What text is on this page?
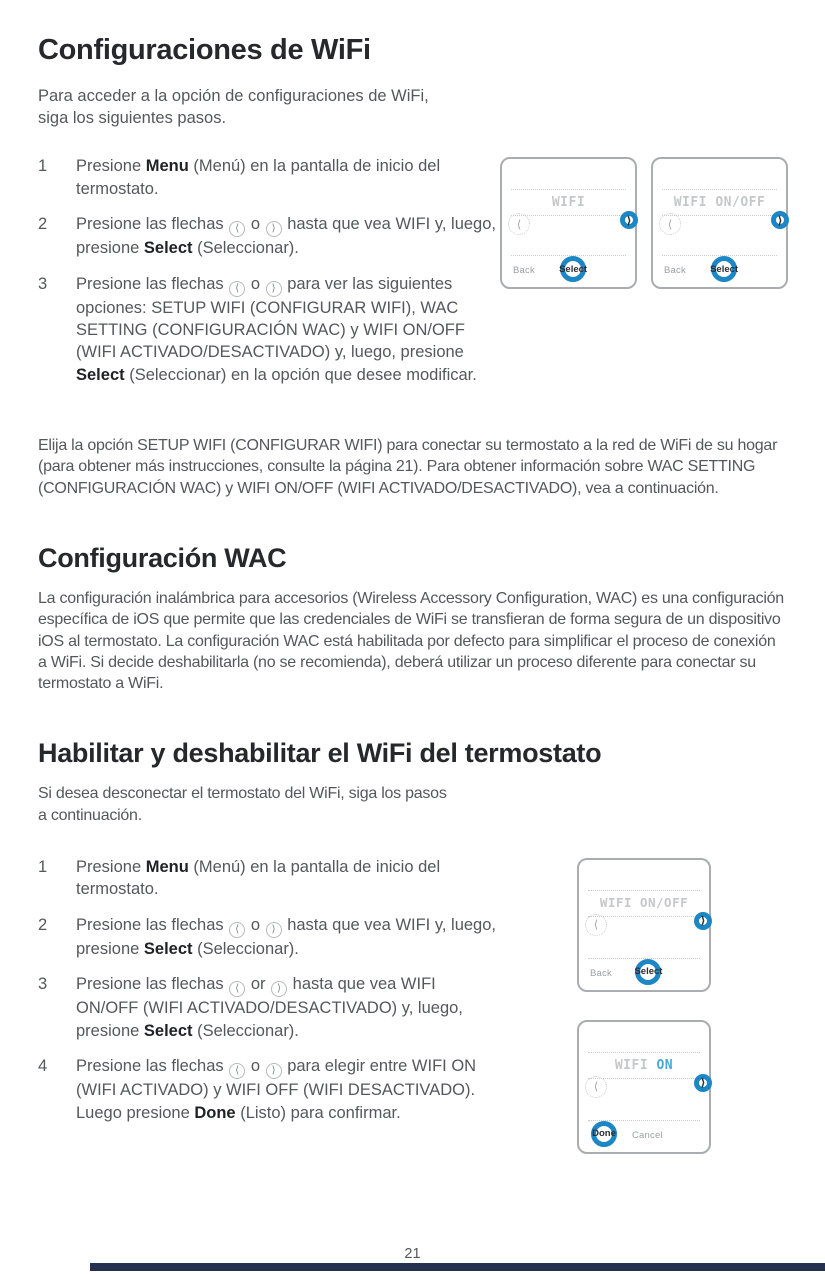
Configuraciones de WiFi

Para acceder a la opción de configuraciones de WiFi, siga los siguientes pasos.

1	Presione Menu (Menú) en la pantalla de inicio del termostato.
2	Presione las flechas ⟨ o ⟩ hasta que vea WIFI y, luego, presione Select (Seleccionar).
3	Presione las flechas ⟨ o ⟩ para ver las siguientes opciones: SETUP WIFI (CONFIGURAR WIFI), WAC SETTING (CONFIGURACIÓN WAC) y WIFI ON/OFF (WIFI ACTIVADO/DESACTIVADO) y, luego, presione Select (Seleccionar) en la opción que desee modificar.
WIFI
⟨	⟩
Back	Select
WIFI ON/OFF
⟨	⟩
Back	Select

Elija la opción SETUP WIFI (CONFIGURAR WIFI) para conectar su termostato a la red de WiFi de su hogar (para obtener más instrucciones, consulte la página 21). Para obtener información sobre WAC SETTING (CONFIGURACIÓN WAC) y WIFI ON/OFF (WIFI ACTIVADO/DESACTIVADO), vea a continuación.

Configuración WAC

La configuración inalámbrica para accesorios (Wireless Accessory Configuration, WAC) es una configuración específica de iOS que permite que las credenciales de WiFi se transfieran de forma segura de un dispositivo iOS al termostato. La configuración WAC está habilitada por defecto para simplificar el proceso de conexión a WiFi. Si decide deshabilitarla (no se recomienda), deberá utilizar un proceso diferente para conectar su termostato a WiFi.

Habilitar y deshabilitar el WiFi del termostato

Si desea desconectar el termostato del WiFi, siga los pasos a continuación.

1	Presione Menu (Menú) en la pantalla de inicio del termostato.
2	Presione las flechas ⟨ o ⟩ hasta que vea WIFI y, luego, presione Select (Seleccionar).
3	Presione las flechas ⟨ or ⟩ hasta que vea WIFI ON/OFF (WIFI ACTIVADO/DESACTIVADO) y, luego, presione Select (Seleccionar).
4	Presione las flechas ⟨ o ⟩ para elegir entre WIFI ON (WIFI ACTIVADO) y WIFI OFF (WIFI DESACTIVADO). Luego presione Done (Listo) para confirmar.
WIFI ON/OFF
⟨	⟩
Back Select
WIFI ON
⟨	⟩
Done Cancel
21
